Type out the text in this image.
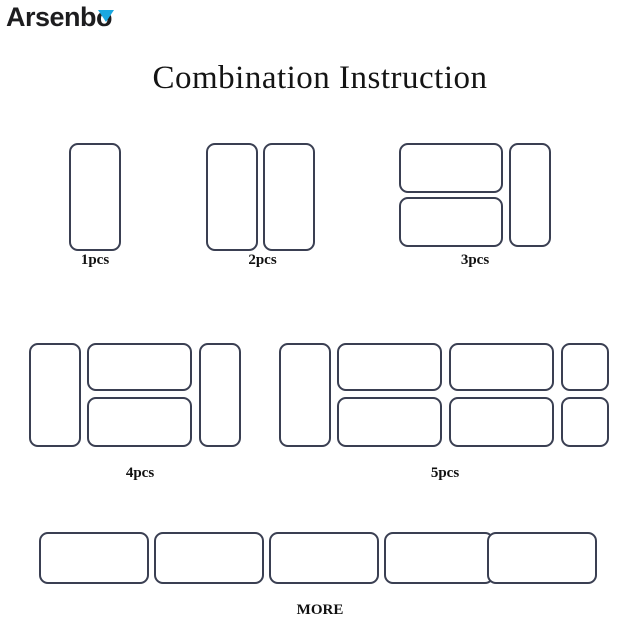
Arsenbo
Combination Instruction
1pcs	2pcs	3pcs
4pcs	5pcs
MORE
